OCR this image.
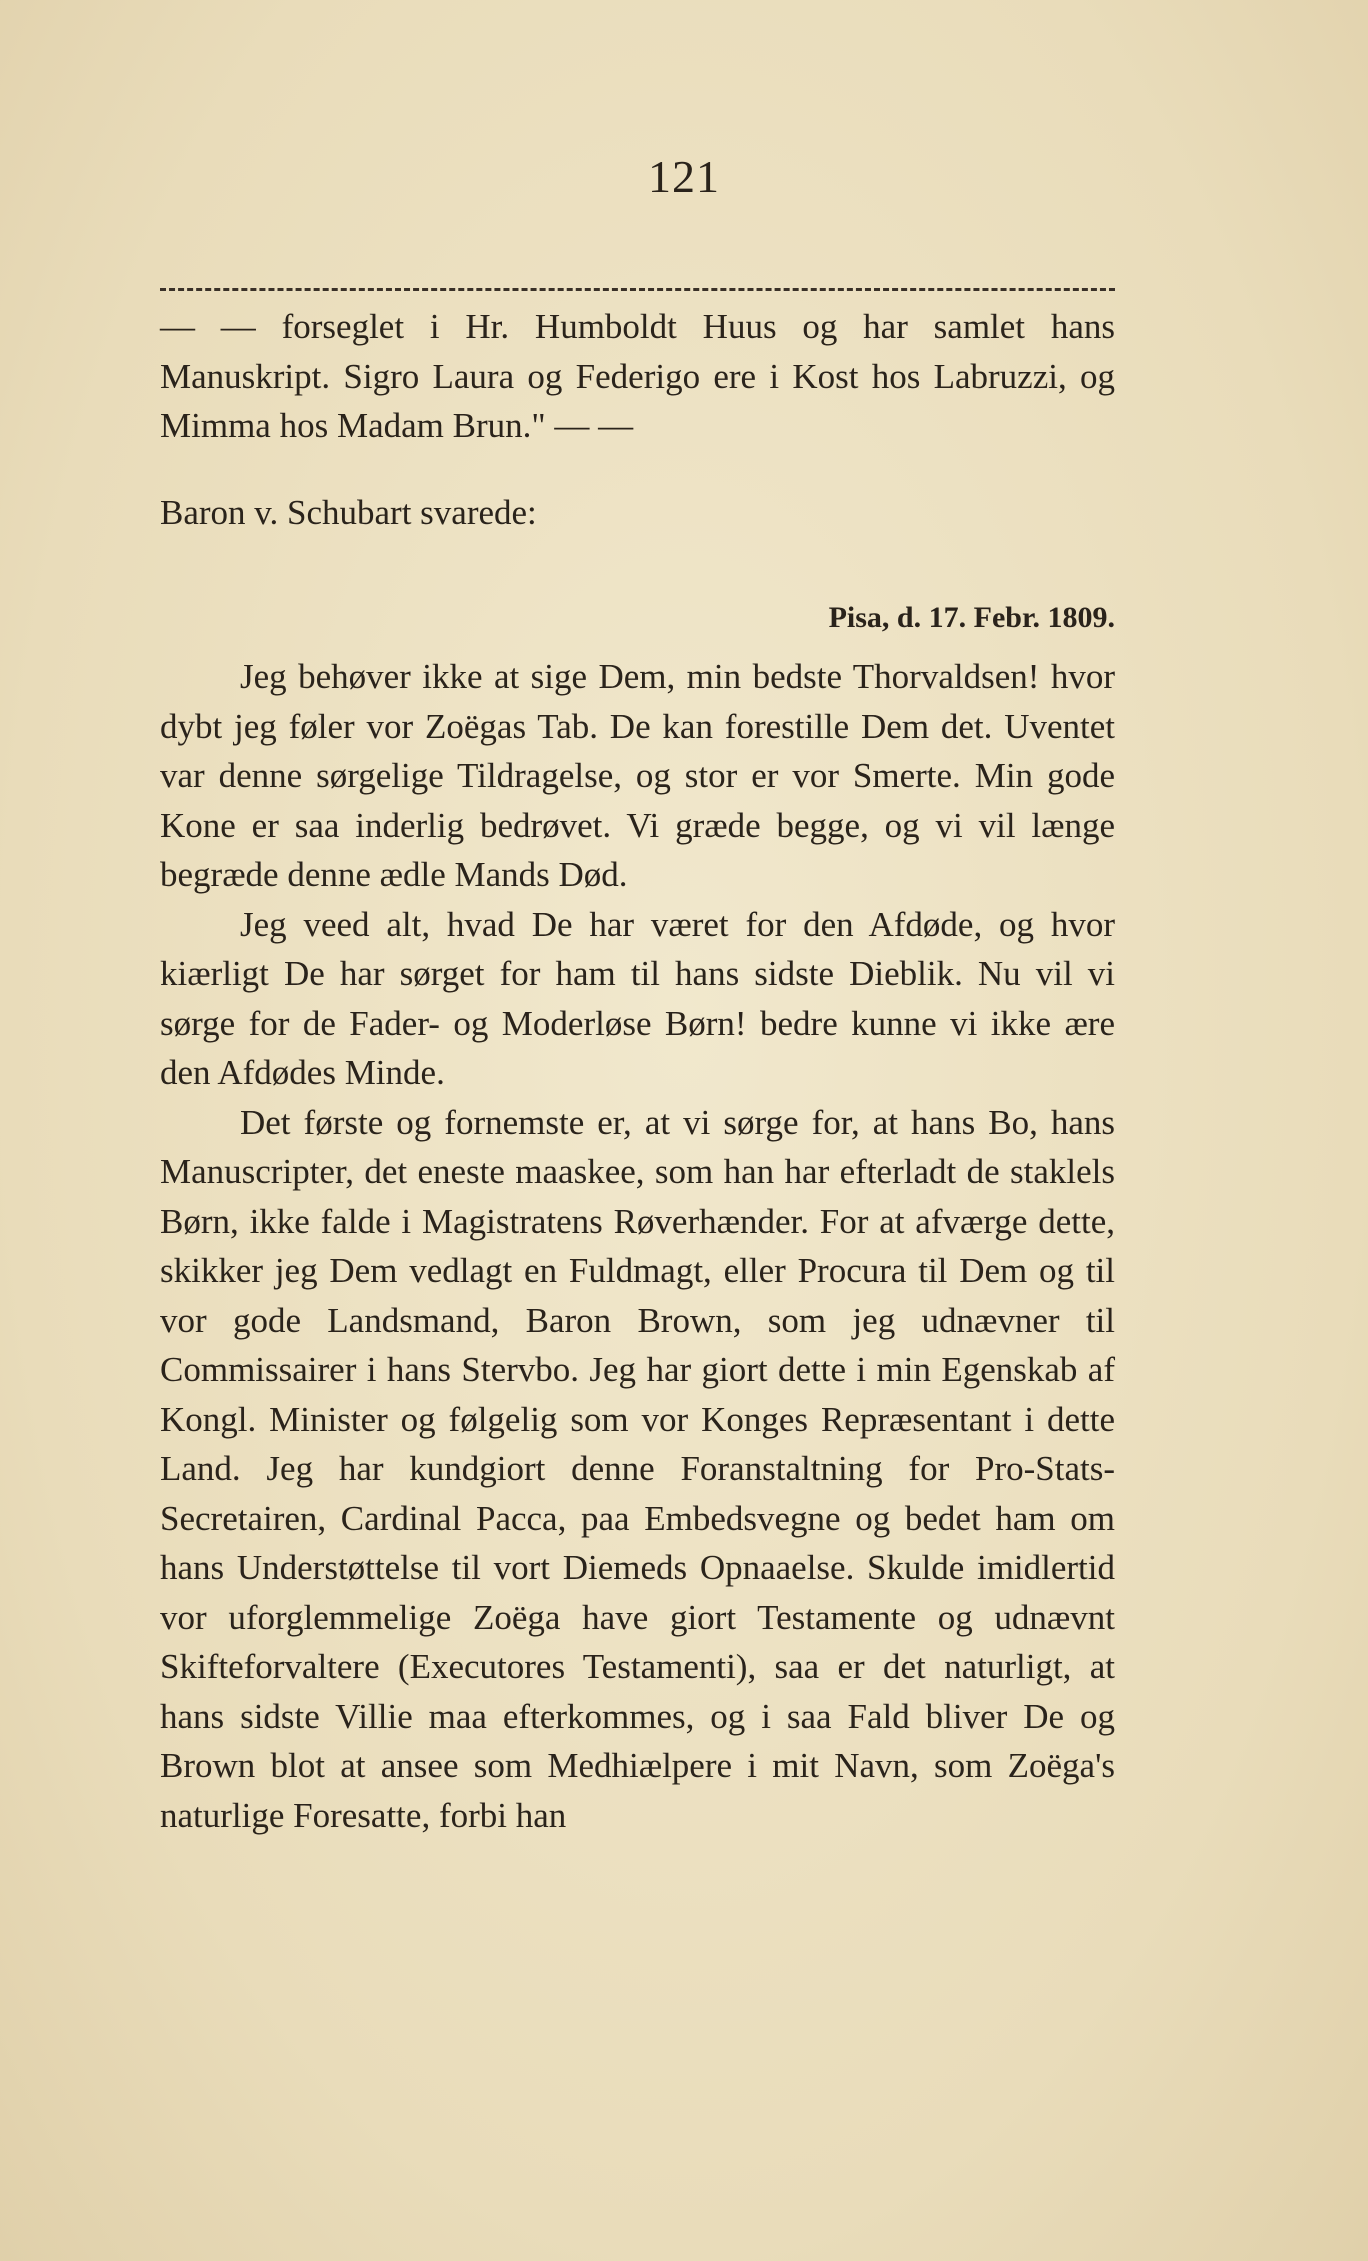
121

— — forseglet i Hr. Humboldt Huus og har samlet hans Manuskript. Sigro Laura og Federigo ere i Kost hos Labruzzi, og Mimma hos Madam Brun." — —

Baron v. Schubart svarede:

Pisa, d. 17. Febr. 1809.

Jeg behøver ikke at sige Dem, min bedste Thorvaldsen! hvor dybt jeg føler vor Zoëgas Tab. De kan forestille Dem det. Uventet var denne sørgelige Tildragelse, og stor er vor Smerte. Min gode Kone er saa inderlig bedrøvet. Vi græde begge, og vi vil længe begræde denne ædle Mands Død.

Jeg veed alt, hvad De har været for den Afdøde, og hvor kiærligt De har sørget for ham til hans sidste Dieblik. Nu vil vi sørge for de Fader- og Moderløse Børn! bedre kunne vi ikke ære den Afdødes Minde.

Det første og fornemste er, at vi sørge for, at hans Bo, hans Manuscripter, det eneste maaskee, som han har efterladt de staklels Børn, ikke falde i Magistratens Røverhænder. For at afværge dette, skikker jeg Dem vedlagt en Fuldmagt, eller Procura til Dem og til vor gode Landsmand, Baron Brown, som jeg udnævner til Commissairer i hans Stervbo. Jeg har giort dette i min Egenskab af Kongl. Minister og følgelig som vor Konges Repræsentant i dette Land. Jeg har kundgiort denne Foranstaltning for Pro-Stats-Secretairen, Cardinal Pacca, paa Embedsvegne og bedet ham om hans Understøttelse til vort Diemeds Opnaaelse. Skulde imidlertid vor uforglemmelige Zoëga have giort Testamente og udnævnt Skifteforvaltere (Executores Testamenti), saa er det naturligt, at hans sidste Villie maa efterkommes, og i saa Fald bliver De og Brown blot at ansee som Medhiælpere i mit Navn, som Zoëga's naturlige Foresatte, forbi han
